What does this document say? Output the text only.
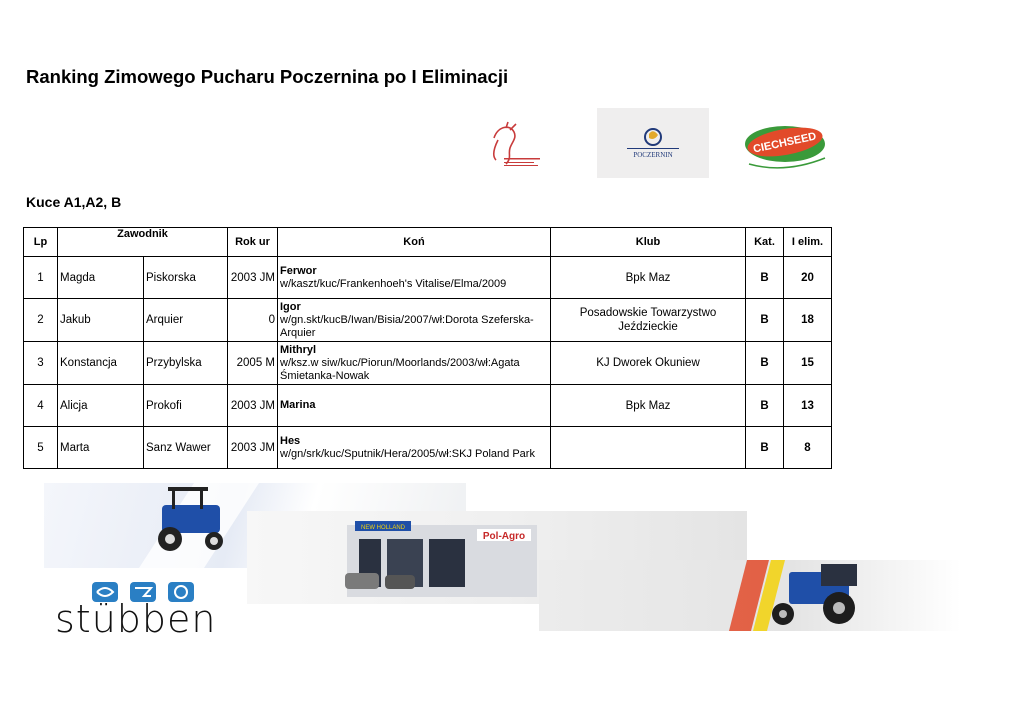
Ranking Zimowego Pucharu Poczernina po I Eliminacji
POCZERNIN	CIECHSEED
Kuce A1,A2, B
Lp	Zawodnik		Rok ur	Koń	Klub	Kat.	I elim.
1	Magda	Piskorska	2003 JM	Ferwor
w/kaszt/kuc/Frankenhoeh's Vitalise/Elma/2009	Bpk Maz	B	20
2	Jakub	Arquier	0	Igor
w/gn.skt/kucB/Iwan/Bisia/2007/wł:Dorota Szeferska-
Arquier	Posadowskie Towarzystwo
Jeździeckie	B	18
3	Konstancja	Przybylska	2005 M	Mithryl
w/ksz.w siw/kuc/Piorun/Moorlands/2003/wł:Agata
Śmietanka-Nowak	KJ Dworek Okuniew	B	15
4	Alicja	Prokofi	2003 JM	Marina	Bpk Maz	B	13
5	Marta	Sanz Wawer	2003 JM	Hes
w/gn/srk/kuc/Sputnik/Hera/2005/wł:SKJ Poland Park		B	8
NEW HOLLAND
Pol-Agro
stübben
